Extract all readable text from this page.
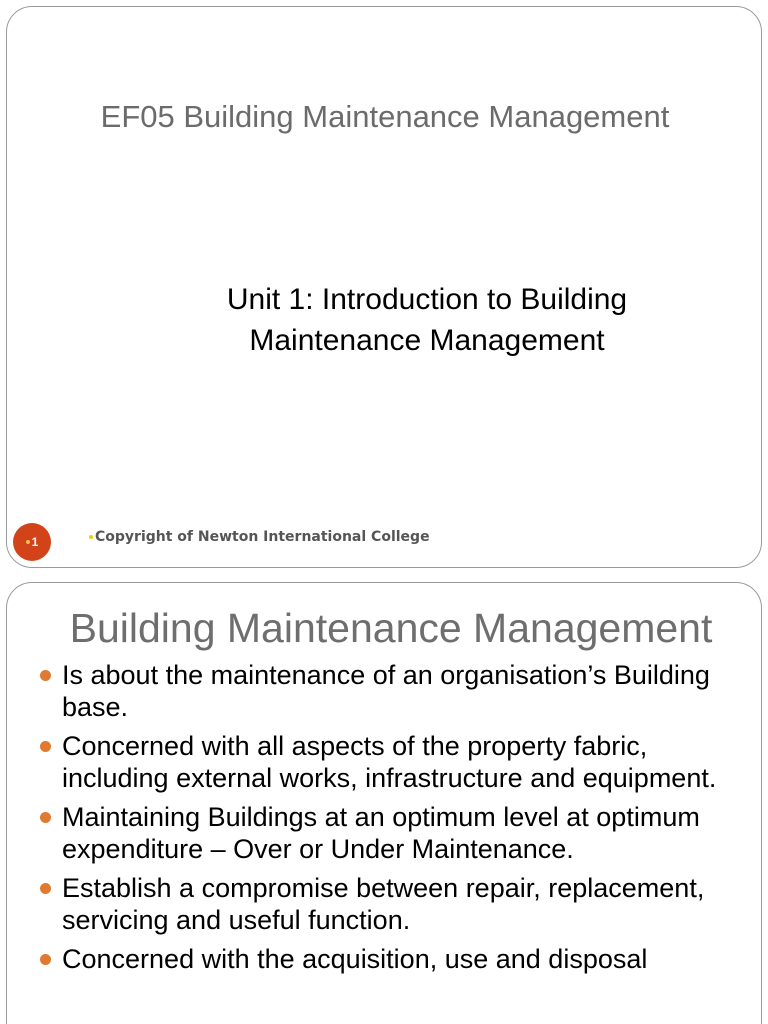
EF05 Building Maintenance Management
Unit 1: Introduction to Building
Maintenance Management
1	Copyright of Newton International College
Building Maintenance Management
Is about the maintenance of an organisation’s Building base.
Concerned with all aspects of the property fabric, including external works, infrastructure and equipment.
Maintaining Buildings at an optimum level at optimum expenditure – Over or Under Maintenance.
Establish a compromise between repair, replacement, servicing and useful function.
Concerned with the acquisition, use and disposal
